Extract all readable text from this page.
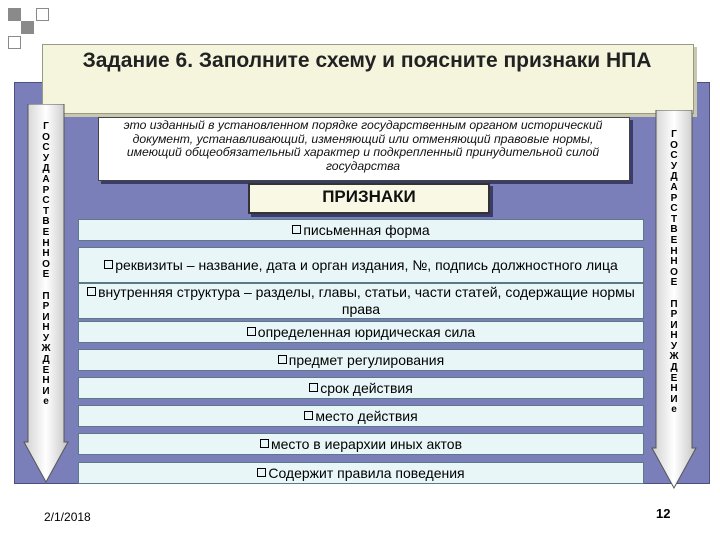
Задание 6. Заполните схему и поясните признаки НПА
Г
О
С
У
Д
А
Р
С
Т
В
Е
Н
Н
О
Е

П
Р
И
Н
У
Ж
Д
Е
Н
И
е
Г
О
С
У
Д
А
Р
С
Т
В
Е
Н
Н
О
Е

П
Р
И
Н
У
Ж
Д
Е
Н
И
е
это изданный в установленном порядке государственным органом исторический документ, устанавливающий, изменяющий или отменяющий правовые нормы, имеющий общеобязательный характер и подкрепленный принудительной силой государства
ПРИЗНАКИ
письменная форма
реквизиты – название, дата и орган издания, №, подпись должностного лица
внутренняя структура – разделы, главы, статьи, части статей, содержащие нормы права
определенная юридическая сила
предмет регулирования
срок действия
место действия
место в иерархии иных актов
Содержит правила поведения
2/1/2018	12
